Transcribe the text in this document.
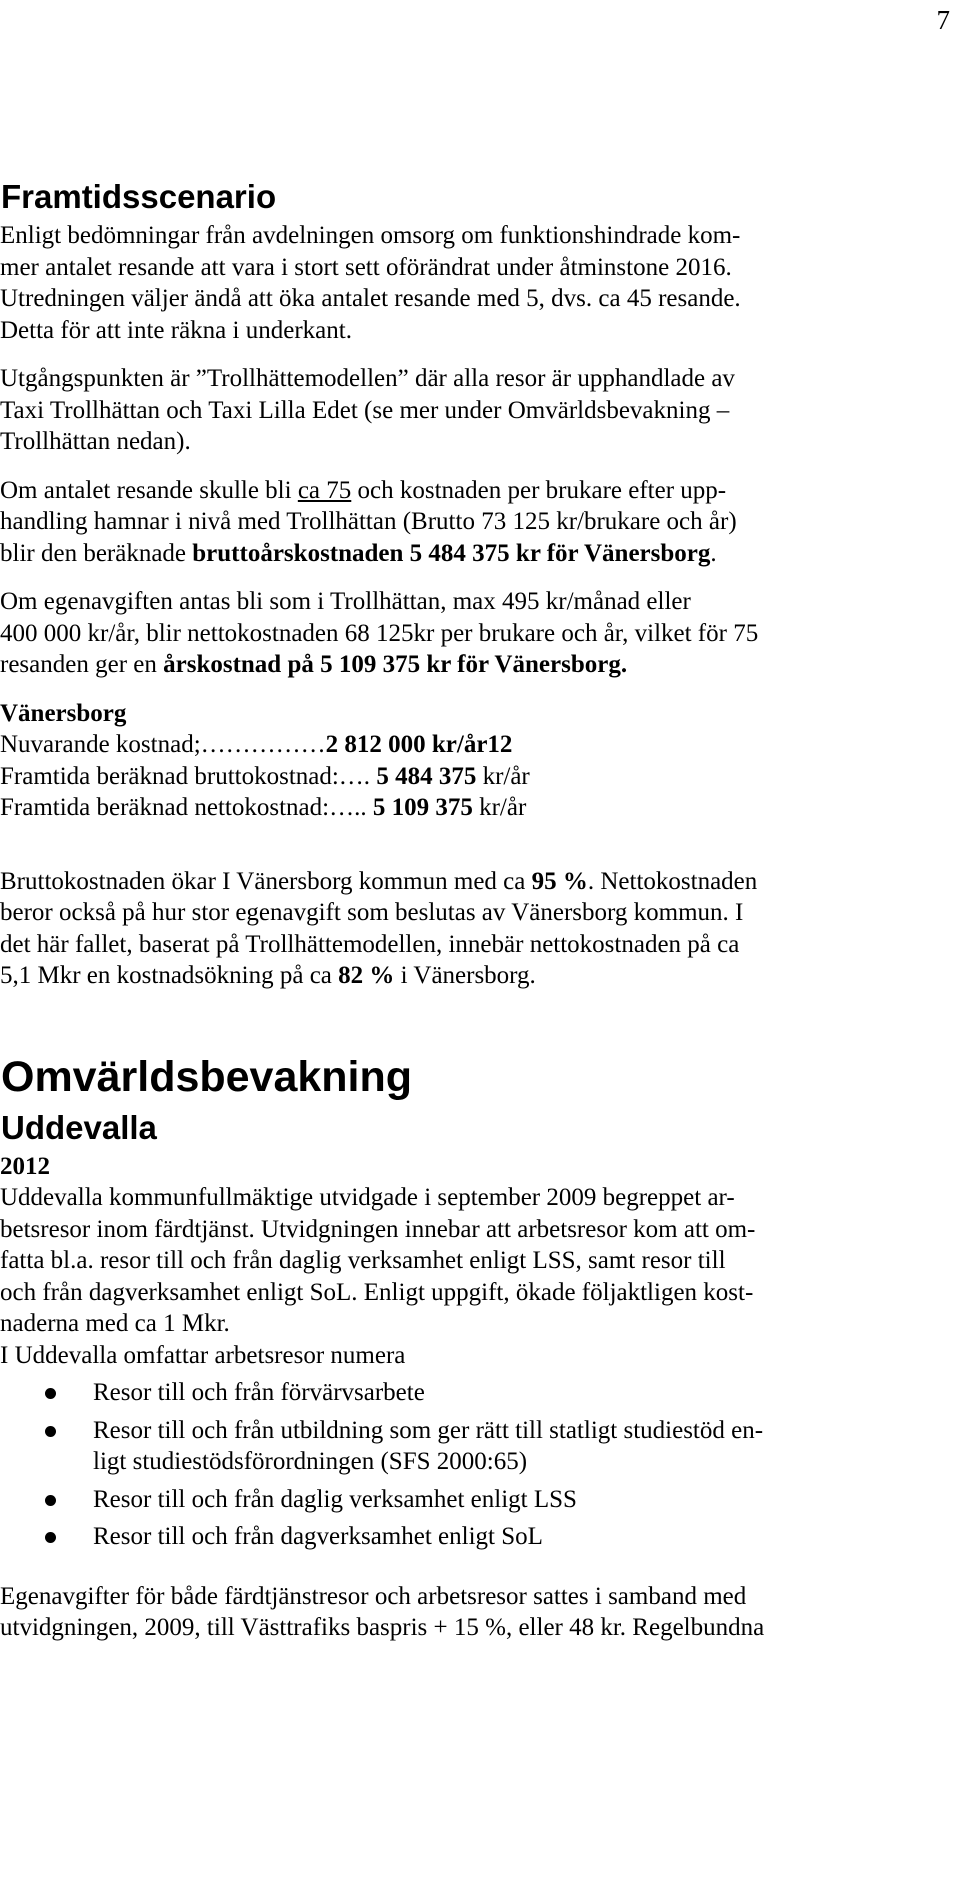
7
Framtidsscenario

Enligt bedömningar från avdelningen omsorg om funktionshindrade kom-

mer antalet resande att vara i stort sett oförändrat under åtminstone 2016.

Utredningen väljer ändå att öka antalet resande med 5, dvs. ca 45 resande.

Detta för att inte räkna i underkant.

Utgångspunkten är ”Trollhättemodellen” där alla resor är upphandlade av

Taxi Trollhättan och Taxi Lilla Edet (se mer under Omvärldsbevakning –

Trollhättan nedan).

Om antalet resande skulle bli ca 75 och kostnaden per brukare efter upp-

handling hamnar i nivå med Trollhättan (Brutto 73 125 kr/brukare och år)

blir den beräknade bruttoårskostnaden 5 484 375 kr för Vänersborg.

Om egenavgiften antas bli som i Trollhättan, max 495 kr/månad eller

400 000 kr/år, blir nettokostnaden 68 125kr per brukare och år, vilket för 75

resanden ger en årskostnad på 5 109 375 kr för Vänersborg.

Vänersborg

Nuvarande kostnad;……………2 812 000 kr/år12

Framtida beräknad bruttokostnad:…. 5 484 375 kr/år

Framtida beräknad nettokostnad:….. 5 109 375 kr/år

Bruttokostnaden ökar I Vänersborg kommun med ca 95 %. Nettokostnaden

beror också på hur stor egenavgift som beslutas av Vänersborg kommun. I

det här fallet, baserat på Trollhättemodellen, innebär nettokostnaden på ca

5,1 Mkr en kostnadsökning på ca 82 % i Vänersborg.

Omvärldsbevakning
Uddevalla

2012

Uddevalla kommunfullmäktige utvidgade i september 2009 begreppet ar-

betsresor inom färdtjänst. Utvidgningen innebar att arbetsresor kom att om-

fatta bl.a. resor till och från daglig verksamhet enligt LSS, samt resor till

och från dagverksamhet enligt SoL. Enligt uppgift, ökade följaktligen kost-

naderna med ca 1 Mkr.

I Uddevalla omfattar arbetsresor numera

Resor till och från förvärvsarbete
Resor till och från utbildning som ger rätt till statligt studiestöd en-
ligt studiestödsförordningen (SFS 2000:65)
Resor till och från daglig verksamhet enligt LSS
Resor till och från dagverksamhet enligt SoL

Egenavgifter för både färdtjänstresor och arbetsresor sattes i samband med

utvidgningen, 2009, till Västtrafiks baspris + 15 %, eller 48 kr. Regelbundna
